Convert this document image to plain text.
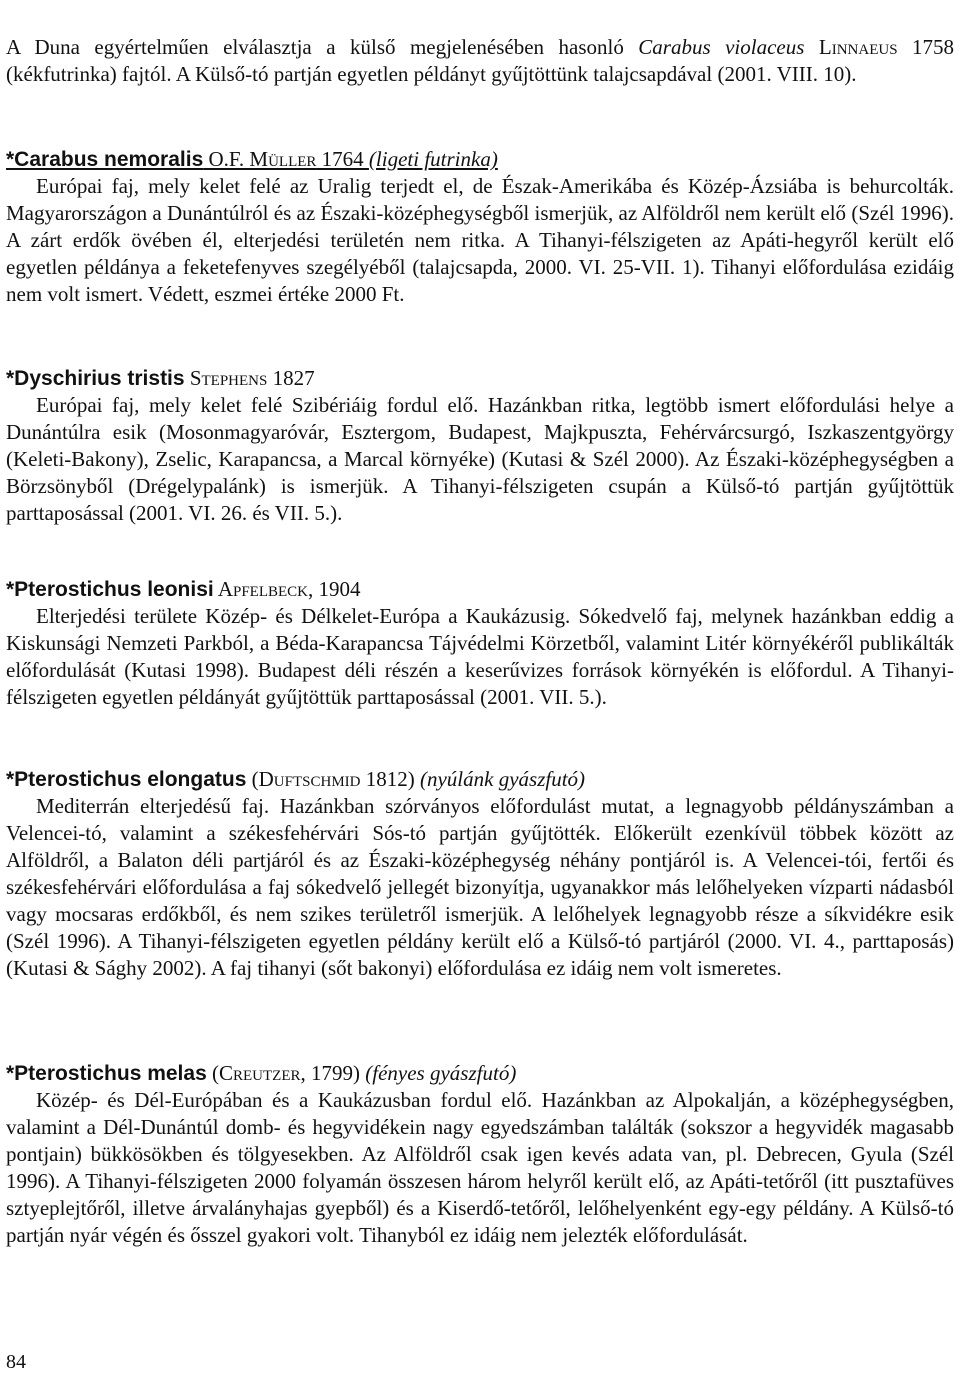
A Duna egyértelműen elválasztja a külső megjelenésében hasonló Carabus violaceus Linnaeus 1758 (kékfutrinka) fajtól. A Külső-tó partján egyetlen példányt gyűjtöttünk talajcsapdával (2001. VIII. 10).

*Carabus nemoralis O.F. Müller 1764 (ligeti futrinka)

Európai faj, mely kelet felé az Uralig terjedt el, de Észak-Amerikába és Közép-Ázsiába is behurcolták. Magyarországon a Dunántúlról és az Északi-középhegységből ismerjük, az Alföldről nem került elő (Szél 1996). A zárt erdők övében él, elterjedési területén nem ritka. A Tihanyi-félszigeten az Apáti-hegyről került elő egyetlen példánya a feketefenyves szegélyéből (talajcsapda, 2000. VI. 25-VII. 1). Tihanyi előfordulása ezidáig nem volt ismert. Védett, eszmei értéke 2000 Ft.

*Dyschirius tristis Stephens 1827

Európai faj, mely kelet felé Szibériáig fordul elő. Hazánkban ritka, legtöbb ismert előfordulási helye a Dunántúlra esik (Mosonmagyaróvár, Esztergom, Budapest, Majkpuszta, Fehérvárcsurgó, Iszkaszentgyörgy (Keleti-Bakony), Zselic, Karapancsa, a Marcal környéke) (Kutasi & Szél 2000). Az Északi-középhegységben a Börzsönyből (Drégelypalánk) is ismerjük. A Tihanyi-félszigeten csupán a Külső-tó partján gyűjtöttük parttaposással (2001. VI. 26. és VII. 5.).

*Pterostichus leonisi Apfelbeck, 1904

Elterjedési területe Közép- és Délkelet-Európa a Kaukázusig. Sókedvelő faj, melynek hazánkban eddig a Kiskunsági Nemzeti Parkból, a Béda-Karapancsa Tájvédelmi Körzetből, valamint Litér környékéről publikálták előfordulását (Kutasi 1998). Budapest déli részén a keserűvizes források környékén is előfordul. A Tihanyi-félszigeten egyetlen példányát gyűjtöttük parttaposással (2001. VII. 5.).

*Pterostichus elongatus (Duftschmid 1812) (nyúlánk gyászfutó)

Mediterrán elterjedésű faj. Hazánkban szórványos előfordulást mutat, a legnagyobb példányszámban a Velencei-tó, valamint a székesfehérvári Sós-tó partján gyűjtötték. Előkerült ezenkívül többek között az Alföldről, a Balaton déli partjáról és az Északi-középhegység néhány pontjáról is. A Velencei-tói, fertői és székesfehérvári előfordulása a faj sókedvelő jellegét bizonyítja, ugyanakkor más lelőhelyeken vízparti nádasból vagy mocsaras erdőkből, és nem szikes területről ismerjük. A lelőhelyek legnagyobb része a síkvidékre esik (Szél 1996). A Tihanyi-félszigeten egyetlen példány került elő a Külső-tó partjáról (2000. VI. 4., parttaposás) (Kutasi & Sághy 2002). A faj tihanyi (sőt bakonyi) előfordulása ez idáig nem volt ismeretes.

*Pterostichus melas (Creutzer, 1799) (fényes gyászfutó)

Közép- és Dél-Európában és a Kaukázusban fordul elő. Hazánkban az Alpokalján, a középhegységben, valamint a Dél-Dunántúl domb- és hegyvidékein nagy egyedszámban találták (sokszor a hegyvidék magasabb pontjain) bükkösökben és tölgyesekben. Az Alföldről csak igen kevés adata van, pl. Debrecen, Gyula (Szél 1996). A Tihanyi-félszigeten 2000 folyamán összesen három helyről került elő, az Apáti-tetőről (itt pusztafüves sztyeplejtőről, illetve árvalányhajas gyepből) és a Kiserdő-tetőről, lelőhelyenként egy-egy példány. A Külső-tó partján nyár végén és ősszel gyakori volt. Tihanyból ez idáig nem jelezték előfordulását.

84
